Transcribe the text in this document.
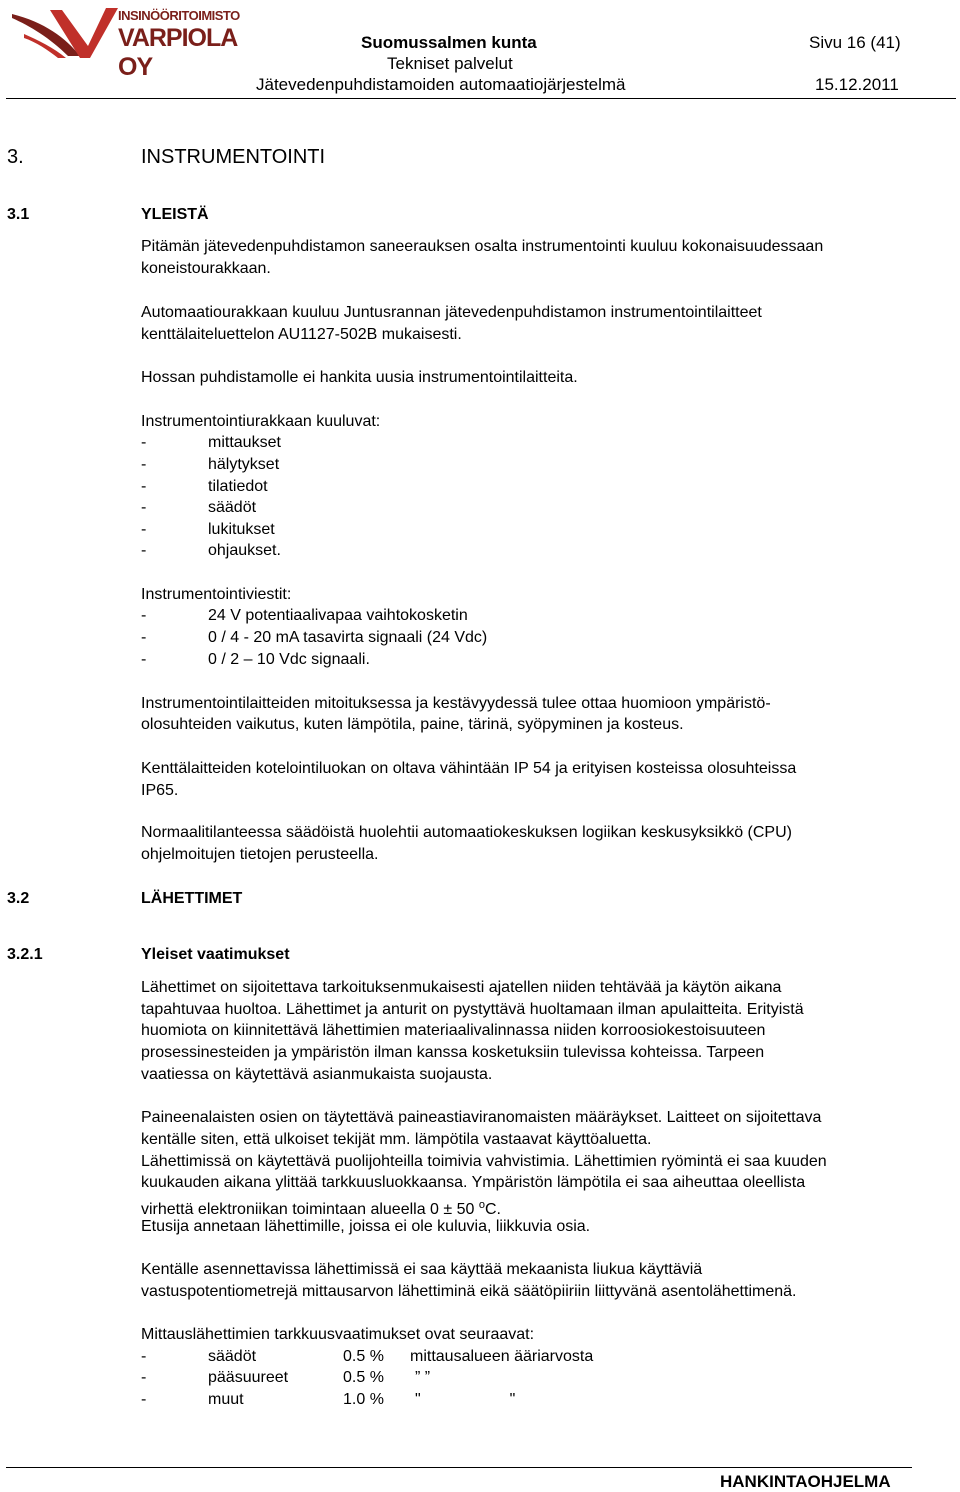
INSINÖÖRITOIMISTO
VARPIOLA OY
Suomussalmen kunta	Sivu 16 (41)
Tekniset palvelut
Jätevedenpuhdistamoiden automaatiojärjestelmä	15.12.2011
3.	INSTRUMENTOINTI
3.1	YLEISTÄ
Pitämän jätevedenpuhdistamon saneerauksen osalta instrumentointi kuuluu kokonaisuudessaan
koneistourakkaan.
Automaatiourakkaan kuuluu Juntusrannan jätevedenpuhdistamon instrumentointilaitteet
kenttälaiteluettelon AU1127-502B mukaisesti.
Hossan puhdistamolle ei hankita uusia instrumentointilaitteita.
Instrumentointiurakkaan kuuluvat:
-	mittaukset
-	hälytykset
-	tilatiedot
-	säädöt
-	lukitukset
-	ohjaukset.
Instrumentointiviestit:
-	24 V potentiaalivapaa vaihtokosketin
-	0 / 4 - 20 mA tasavirta signaali (24 Vdc)
-	0 / 2 – 10 Vdc signaali.
Instrumentointilaitteiden mitoituksessa ja kestävyydessä tulee ottaa huomioon ympäristö-
olosuhteiden vaikutus, kuten lämpötila, paine, tärinä, syöpyminen ja kosteus.
Kenttälaitteiden kotelointiluokan on oltava vähintään IP 54 ja erityisen kosteissa olosuhteissa
IP65.
Normaalitilanteessa säädöistä huolehtii automaatiokeskuksen logiikan keskusyksikkö (CPU)
ohjelmoitujen tietojen perusteella.
3.2	LÄHETTIMET
3.2.1	Yleiset vaatimukset
Lähettimet on sijoitettava tarkoituksenmukaisesti ajatellen niiden tehtävää ja käytön aikana
tapahtuvaa huoltoa. Lähettimet ja anturit on pystyttävä huoltamaan ilman apulaitteita. Erityistä
huomiota on kiinnitettävä lähettimien materiaalivalinnassa niiden korroosiokestoisuuteen
prosessinesteiden ja ympäristön ilman kanssa kosketuksiin tulevissa kohteissa. Tarpeen
vaatiessa on käytettävä asianmukaista suojausta.
Paineenalaisten osien on täytettävä paineastiaviranomaisten määräykset. Laitteet on sijoitettava
kentälle siten, että ulkoiset tekijät mm. lämpötila vastaavat käyttöaluetta.
Lähettimissä on käytettävä puolijohteilla toimivia vahvistimia. Lähettimien ryömintä ei saa kuuden
kuukauden aikana ylittää tarkkuusluokkaansa. Ympäristön lämpötila ei saa aiheuttaa oleellista
virhettä elektroniikan toimintaan alueella 0 ± 50 $^o$C.
Etusija annetaan lähettimille, joissa ei ole kuluvia, liikkuvia osia.
Kentälle asennettavissa lähettimissä ei saa käyttää mekaanista liukua käyttäviä
vastuspotentiometrejä mittausarvon lähettiminä eikä säätöpiiriin liittyvänä asentolähettimenä.
Mittauslähettimien tarkkuusvaatimukset ovat seuraavat:
-	säädöt	0.5 % mittausalueen ääriarvosta
-	pääsuureet	0.5 % ” ”
-	muut	1.0 % "                    "
HANKINTAOHJELMA
